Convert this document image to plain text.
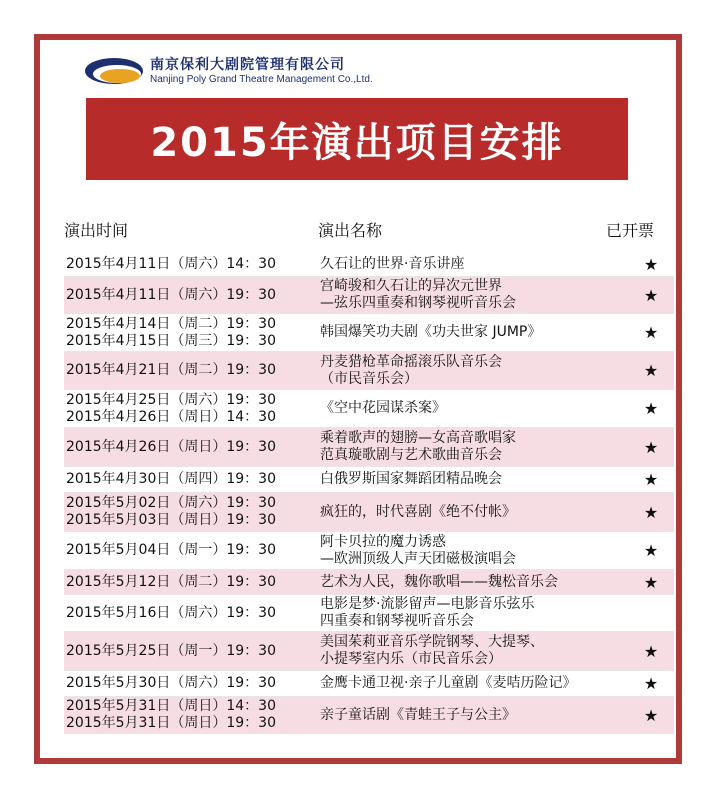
南京保利大剧院管理有限公司
Nanjing Poly Grand Theatre Management Co.,Ltd.
2015年演出项目安排
演出时间	演出名称	已开票
2015年4月11日（周六）14：30	久石让的世界·音乐讲座	★
2015年4月11日（周六）19：30
宫崎骏和久石让的异次元世界
—弦乐四重奏和钢琴视听音乐会	★
2015年4月14日（周二）19：30
2015年4月15日（周三）19：30
韩国爆笑功夫剧《功夫世家 JUMP》	★
2015年4月21日（周二）19：30
丹麦猎枪革命摇滚乐队音乐会
（市民音乐会）	★
2015年4月25日（周六）19：30
2015年4月26日（周日）14：30
《空中花园谋杀案》	★
2015年4月26日（周日）19：30
乘着歌声的翅膀—女高音歌唱家
范真璇歌剧与艺术歌曲音乐会	★
2015年4月30日（周四）19：30	白俄罗斯国家舞蹈团精品晚会	★
2015年5月02日（周六）19：30
2015年5月03日（周日）19：30
疯狂的，时代喜剧《绝不付帐》	★
2015年5月04日（周一）19：30
阿卡贝拉的魔力诱惑
—欧洲顶级人声天团磁极演唱会	★
2015年5月12日（周二）19：30	艺术为人民，魏你歌唱——魏松音乐会	★
2015年5月16日（周六）19：30
电影是梦·流影留声—电影音乐弦乐
四重奏和钢琴视听音乐会
2015年5月25日（周一）19：30
美国茱莉亚音乐学院钢琴、大提琴、
小提琴室内乐（市民音乐会）	★
2015年5月30日（周六）19：30	金鹰卡通卫视·亲子儿童剧《麦咭历险记》	★
2015年5月31日（周日）14：30
2015年5月31日（周日）19：30
亲子童话剧《青蛙王子与公主》	★
